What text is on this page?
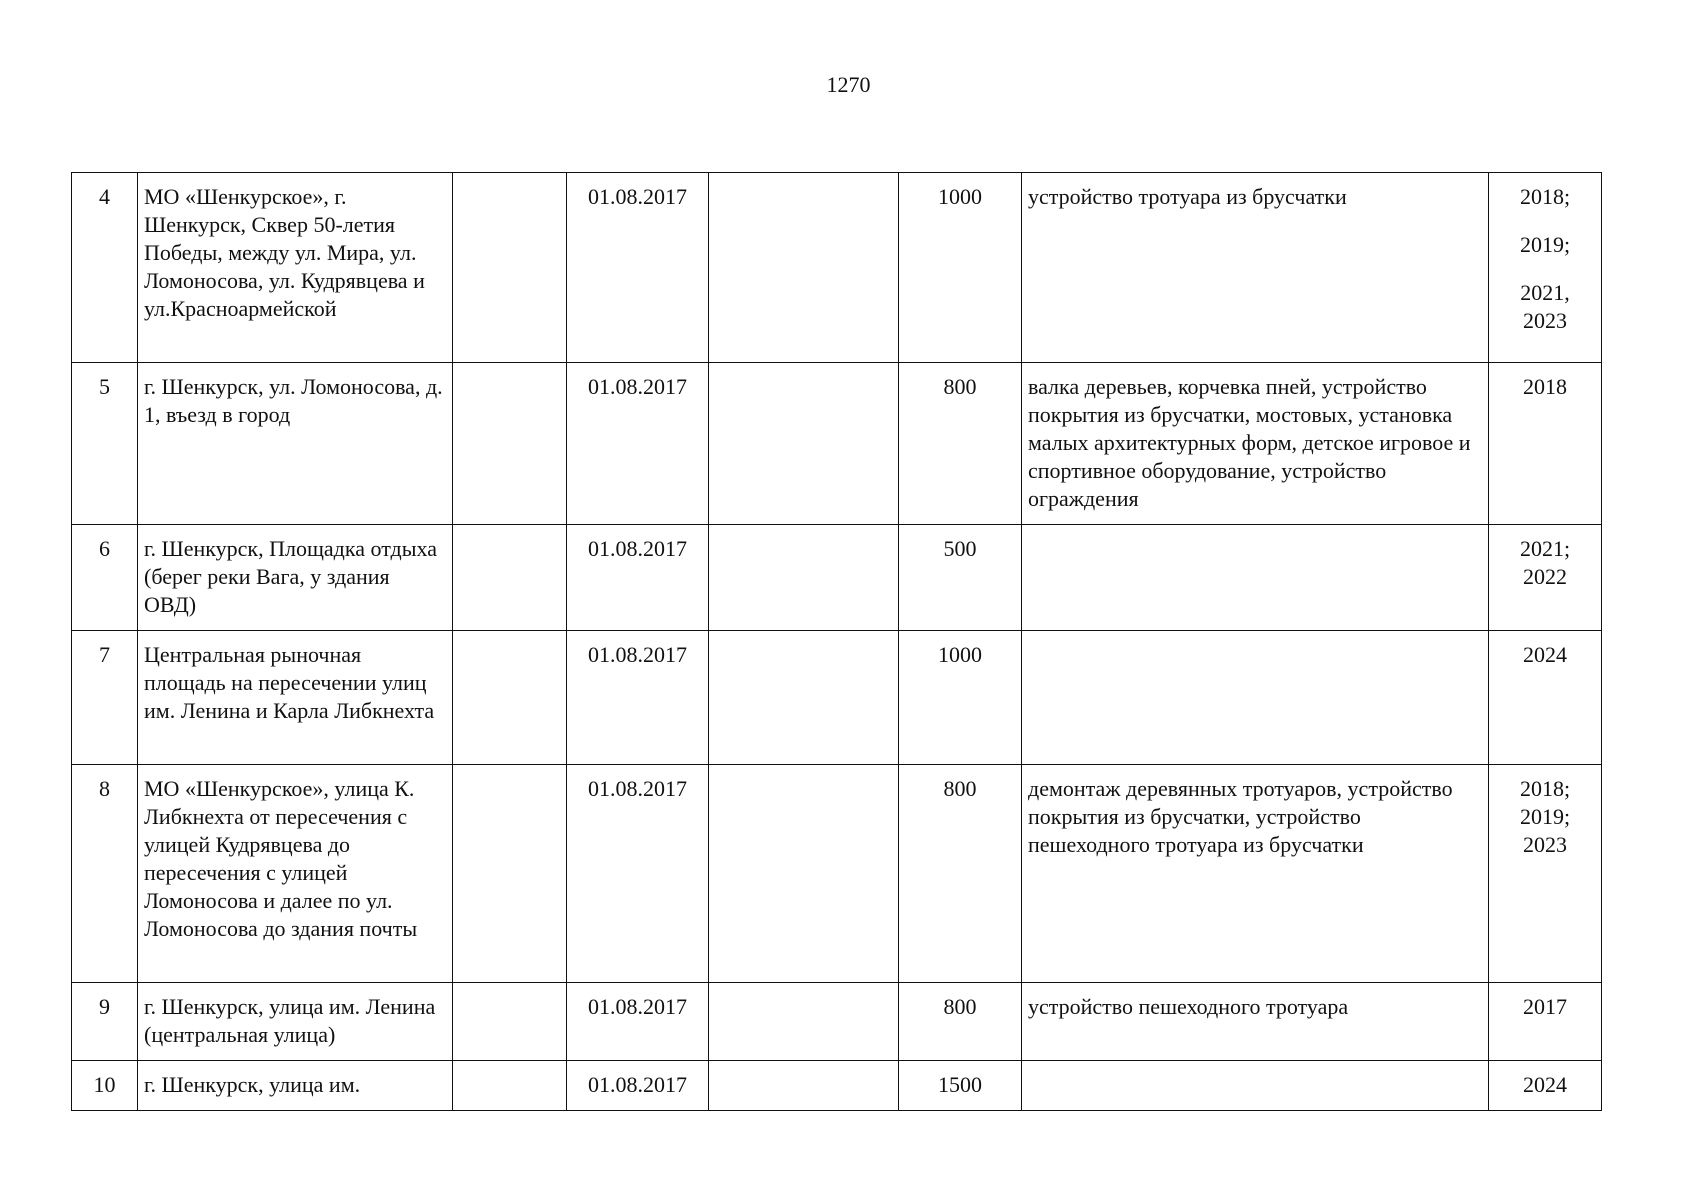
1270
4	МО «Шенкурское», г. Шенкурск, Сквер 50-летия Победы, между ул. Мира, ул. Ломоносова, ул. Кудрявцева и ул.Красноармейской		01.08.2017		1000	устройство тротуара из брусчатки	2018;
2019;
2021, 2023

5	г. Шенкурск, ул. Ломоносова, д. 1, въезд в город		01.08.2017		800	валка деревьев, корчевка пней, устройство покрытия из брусчатки, мостовых, установка малых архитектурных форм, детское игровое и спортивное оборудование, устройство ограждения	2018

6	г. Шенкурск, Площадка отдыха (берег реки Вага, у здания ОВД)		01.08.2017		500		2021;
2022

7	Центральная рыночная площадь на пересечении улиц им. Ленина и Карла Либкнехта		01.08.2017		1000		2024

8	МО «Шенкурское», улица К. Либкнехта от пересечения с улицей Кудрявцева до пересечения с улицей Ломоносова и далее по ул. Ломоносова до здания почты		01.08.2017		800	демонтаж деревянных тротуаров, устройство покрытия из брусчатки, устройство пешеходного тротуара из брусчатки	2018;
2019;
2023

9	г. Шенкурск, улица им. Ленина (центральная улица)		01.08.2017		800	устройство пешеходного тротуара	2017

10	г. Шенкурск, улица им.		01.08.2017		1500		2024
